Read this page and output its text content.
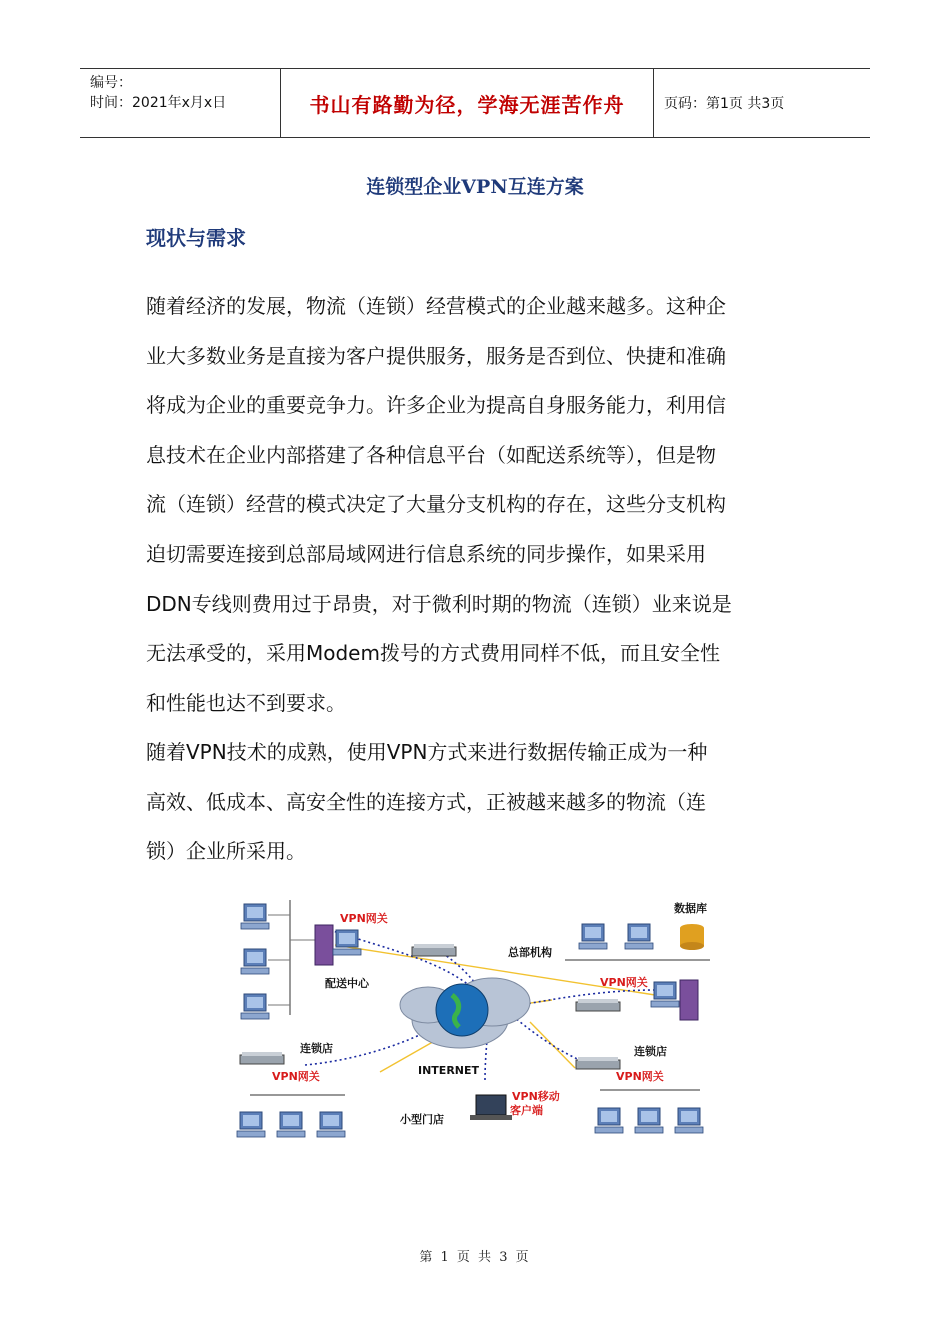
编号：
时间：2021年x月x日	书山有路勤为径，学海无涯苦作舟	页码：第1页 共3页
连锁型企业VPN互连方案
现状与需求
随着经济的发展，物流（连锁）经营模式的企业越来越多。这种企
业大多数业务是直接为客户提供服务，服务是否到位、快捷和准确
将成为企业的重要竞争力。许多企业为提高自身服务能力，利用信
息技术在企业内部搭建了各种信息平台（如配送系统等），但是物
流（连锁）经营的模式决定了大量分支机构的存在，这些分支机构
迫切需要连接到总部局域网进行信息系统的同步操作，如果采用
DDN专线则费用过于昂贵，对于微利时期的物流（连锁）业来说是
无法承受的，采用Modem拨号的方式费用同样不低，而且安全性
和性能也达不到要求。
随着VPN技术的成熟，使用VPN方式来进行数据传输正成为一种
高效、低成本、高安全性的连接方式，正被越来越多的物流（连
锁）企业所采用。
VPN网关
配送中心
数据库
总部机构
VPN网关
INTERNET
连锁店
VPN网关
VPN移动
客户端
小型门店
连锁店
VPN网关
第 1 页 共 3 页
